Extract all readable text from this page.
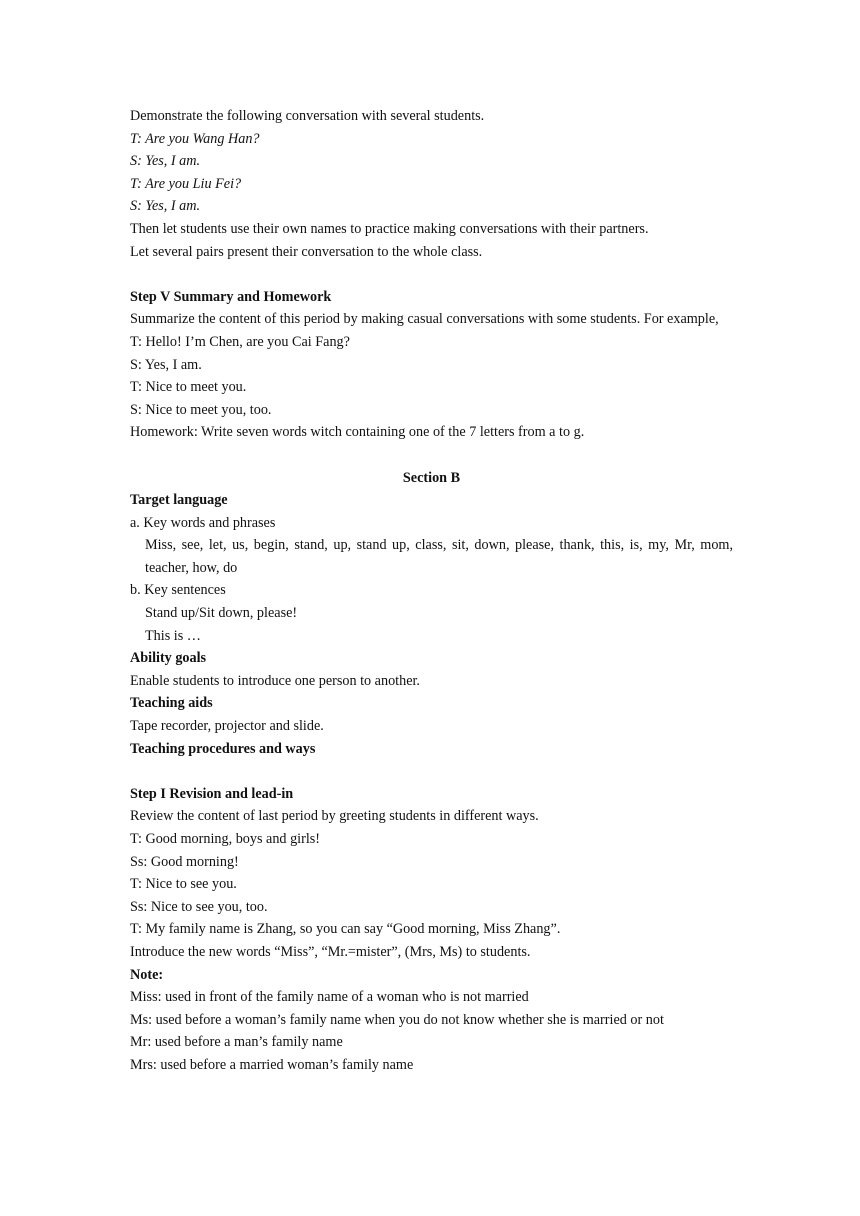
Demonstrate the following conversation with several students.
T: Are you Wang Han?
S: Yes, I am.
T: Are you Liu Fei?
S: Yes, I am.
Then let students use their own names to practice making conversations with their partners.
Let several pairs present their conversation to the whole class.
Step V Summary and Homework
Summarize the content of this period by making casual conversations with some students. For example,
T: Hello! I’m Chen, are you Cai Fang?
S: Yes, I am.
T: Nice to meet you.
S: Nice to meet you, too.
Homework: Write seven words witch containing one of the 7 letters from a to g.
Section B
Target language
a. Key words and phrases
Miss, see, let, us, begin, stand, up, stand up, class, sit, down, please, thank, this, is, my, Mr, mom, teacher, how, do
b. Key sentences
Stand up/Sit down, please!
This is …
Ability goals
Enable students to introduce one person to another.
Teaching aids
Tape recorder, projector and slide.
Teaching procedures and ways
Step I Revision and lead-in
Review the content of last period by greeting students in different ways.
T: Good morning, boys and girls!
Ss: Good morning!
T: Nice to see you.
Ss: Nice to see you, too.
T: My family name is Zhang, so you can say “Good morning, Miss Zhang”.
Introduce the new words “Miss”, “Mr.=mister”, (Mrs, Ms) to students.
Note:
Miss: used in front of the family name of a woman who is not married
Ms: used before a woman’s family name when you do not know whether she is married or not
Mr: used before a man’s family name
Mrs: used before a married woman’s family name
